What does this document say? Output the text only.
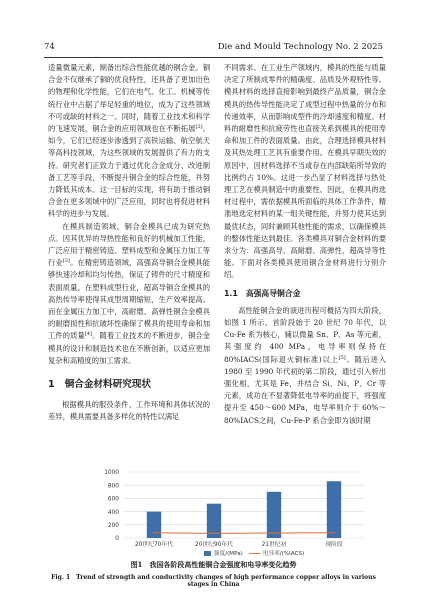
74	Die and Mould Technology No. 2 2025

适量微量元素，制备出综合性能优越的铜合金。铜合金不仅继承了铜的优良特性，还具备了更加出色的物理和化学性能，它们在电气、化工、机械等传统行业中占据了举足轻重的地位，成为了这些领域不可或缺的材料之一。同时，随着工业技术和科学的飞速发展，铜合金的应用领域也在不断拓展[2]。如今，它们已经逐步渗透到了高铁运输、航空航天等高科技领域，为这些领域的发展提供了有力的支持。研究者们正致力于通过优化合金成分、改进制备工艺等手段，不断提升铜合金的综合性能，并努力降低其成本。这一目标的实现，将有助于推动铜合金在更多领域中的广泛应用，同时也将促进材料科学的进步与发展。

在模具制造领域，铜合金模具已成为研究热点。因其优异的导热性能和良好的机械加工性能，广泛应用于精密铸造、塑料成型和金属压力加工等行业[3]。在精密铸造领域，高强高导铜合金模具能够快速冷却和均匀传热，保证了铸件的尺寸精度和表面质量。在塑料成型行业，超高导铜合金模具的高热传导率使得其成型周期缩短，生产效率提高。而在金属压力加工中，高耐磨、高弹性铜合金模具的耐磨损性和抗破坏性确保了模具的使用寿命和加工件的质量[4]。随着工业技术的不断进步，铜合金模具的设计和制造技术也在不断创新，以适应更加复杂和高精度的加工需求。

1 铜合金材料研究现状

根据模具的服役条件、工作环境和具体状况的差异，模具需要具备多样化的特性以满足

不同需求。在工业生产领域内，模具的性能与质量决定了所制成零件的精确度、品质及外观特性等。模具材料的选择直接影响到最终产品质量，铜合金模具的热传导性能决定了成型过程中热量的分布和传递效率，从而影响成型件的冷却速度和精度。材料的耐磨性和抗疲劳性也直接关系到模具的使用寿命和加工件的表面质量。由此，合理选择模具材料及其热处理工艺具有重要作用。在模具早期失效的原因中，因材料选择不当或存在内部缺陷所导致的比例约占 10%。这进一步凸显了材料选择与热处理工艺在模具制造中的重要性。因此，在模具的选材过程中，需依据模具所面临的具体工作条件，精准地选定材料的某一组关键性能，并努力使其达到最优状态，同时兼顾其他性能的需求，以确保模具的整体性能达到最佳。各类模具对铜合金材料的要求分为：高强高导、高耐磨、高弹性、超高导等性能。下面对各类模具使用铜合金材料进行分别介绍。

1.1 高强高导铜合金

高性能铜合金的演进历程可概括为四大阶段，如图 1 所示。首阶段始于 20 世纪 70 年代，以 Cu-Fe 系为核心，辅以微量 Sn、P、As 等元素，其强度约 400 MPa，电导率则保持在 80%IACS(国际退火铜标准)以上[5]。随后进入 1980 至 1990 年代初的第二阶段，通过引入析出强化相，尤其是 Fe，并结合 Si、Ni、P、Cr 等元素，成功在不显著降低电导率的前提下，将强度提升至 450～600 MPa，电导率则介于 60%～80%IACS之间，Cu-Fe-P 系合金即为该时期

0
200
400
600
800
1000
20世纪70年代	20世纪90年代	21世纪初	现阶段
强度/(MPa)	电导率/(%IACS)
图1　我国各阶段高性能铜合金强度和电导率变化趋势
Fig. 1　Trend of strength and conductivity changes of high performance copper alloys in various stages in China
